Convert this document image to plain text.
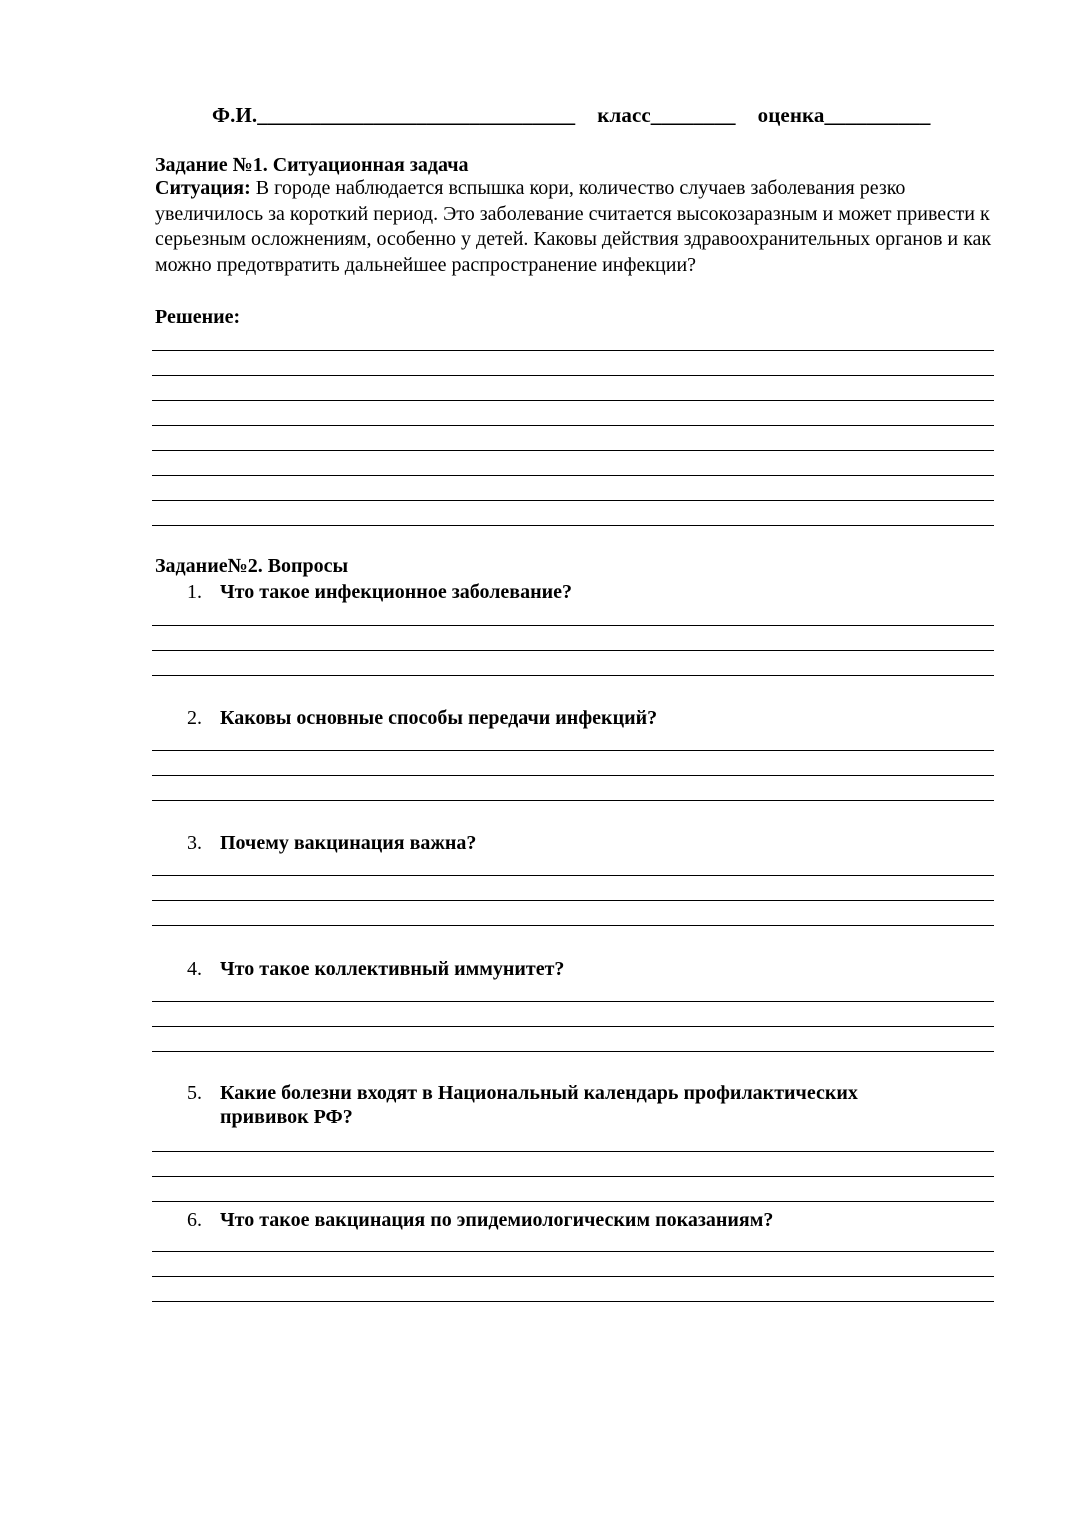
Ф.И.______________________________ класс________ оценка__________
Задание №1. Ситуационная задача
Ситуация: В городе наблюдается вспышка кори, количество случаев заболевания резко увеличилось за короткий период. Это заболевание считается высокозаразным и может привести к серьезным осложнениям, особенно у детей. Каковы действия здравоохранительных органов и как можно предотвратить дальнейшее распространение инфекции?
Решение:
Задание№2. Вопросы
1. Что такое инфекционное заболевание?
2. Каковы основные способы передачи инфекций?
3. Почему вакцинация важна?
4. Что такое коллективный иммунитет?
5. Какие болезни входят в Национальный календарь профилактических
прививок РФ?
6. Что такое вакцинация по эпидемиологическим показаниям?
